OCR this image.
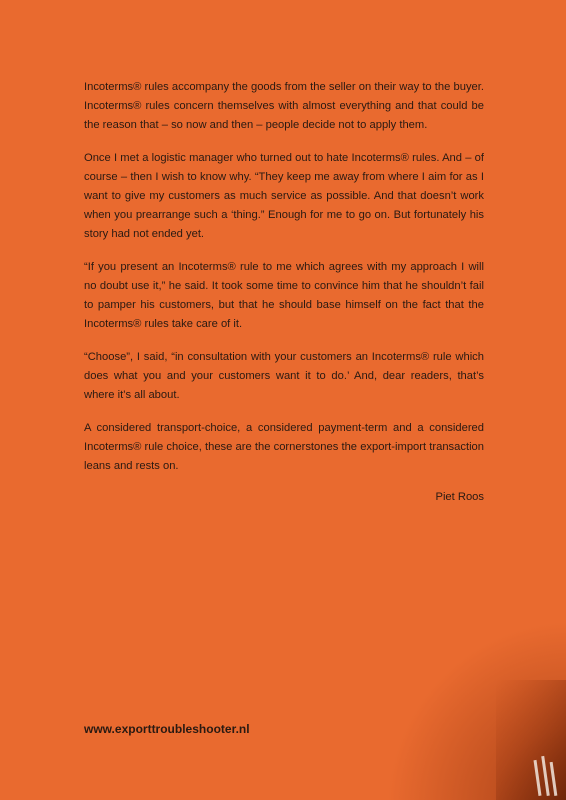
Incoterms® rules accompany the goods from the seller on their way to the buyer. Incoterms® rules concern themselves with almost everything and that could be the reason that – so now and then – people decide not to apply them.

Once I met a logistic manager who turned out to hate Incoterms® rules. And – of course – then I wish to know why. “They keep me away from where I aim for as I want to give my customers as much service as possible. And that doesn’t work when you prearrange such a ‘thing.” Enough for me to go on. But fortunately his story had not ended yet.

“If you present an Incoterms® rule to me which agrees with my approach I will no doubt use it,” he said. It took some time to convince him that he shouldn’t fail to pamper his customers, but that he should base himself on the fact that the Incoterms® rules take care of it.

“Choose”, I said, “in consultation with your customers an Incoterms® rule which does what you and your customers want it to do.’ And, dear readers, that’s where it’s all about.

A considered transport-choice, a considered payment-term and a considered Incoterms® rule choice, these are the cornerstones the export-import transaction leans and rests on.

Piet Roos
www.exporttroubleshooter.nl
